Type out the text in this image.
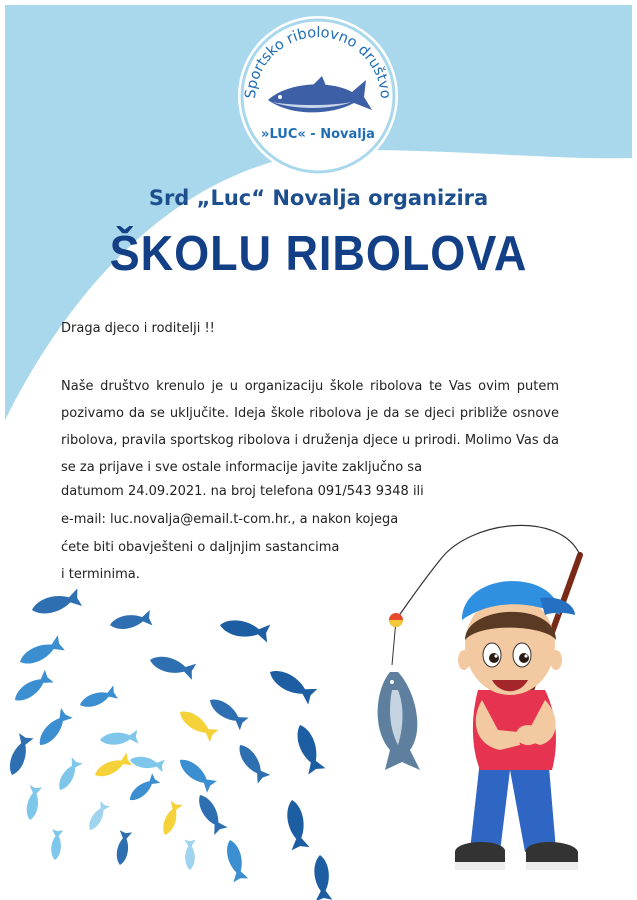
Sportsko ribolovno društvo
»LUC« - Novalja
Srd „Luc“ Novalja organizira
ŠKOLU RIBOLOVA
Draga djeco i roditelji !!
Naše društvo krenulo je u organizaciju škole ribolova te Vas ovim putem pozivamo da se uključite. Ideja škole ribolova je da se djeci približe osnove ribolova, pravila sportskog ribolova i druženja djece u prirodi. Molimo Vas da se za prijave i sve ostale informacije javite zaključno sa
datumom 24.09.2021. na broj telefona 091/543 9348 ili
e-mail: luc.novalja@email.t-com.hr., a nakon kojega
ćete biti obavješteni o daljnjim sastancima
i terminima.
